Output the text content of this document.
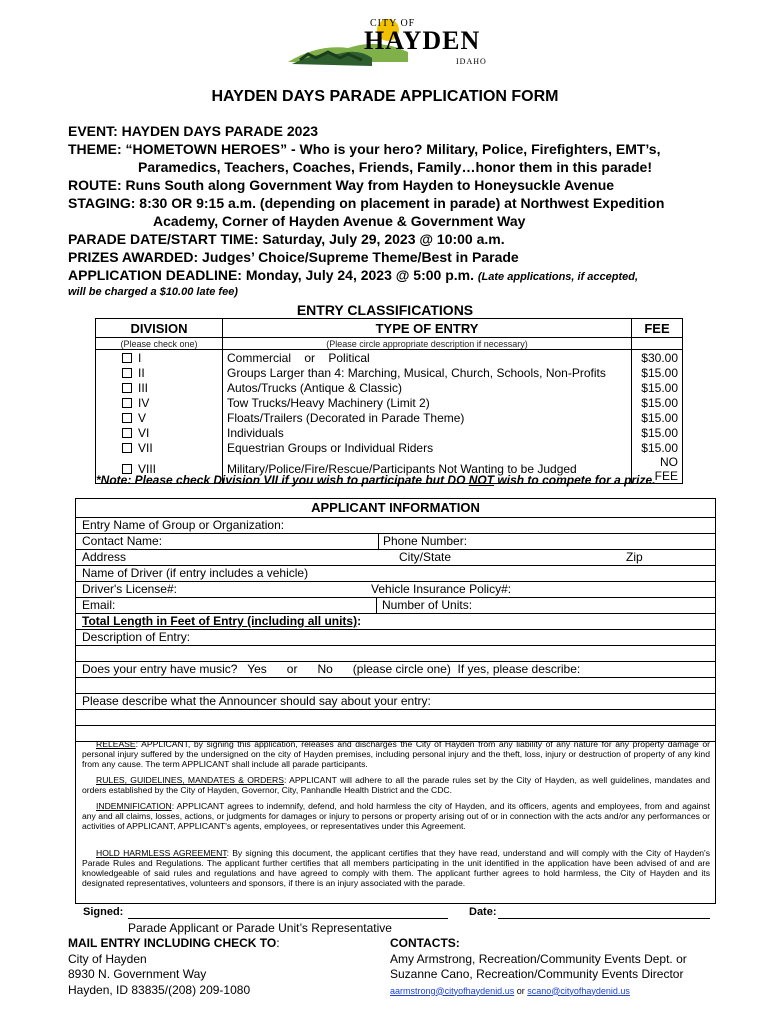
CITY OF
HAYDEN
IDAHO
HAYDEN DAYS PARADE APPLICATION FORM
EVENT: HAYDEN DAYS PARADE 2023
THEME: “HOMETOWN HEROES” - Who is your hero? Military, Police, Firefighters, EMT’s,
Paramedics, Teachers, Coaches, Friends, Family…honor them in this parade!
ROUTE: Runs South along Government Way from Hayden to Honeysuckle Avenue
STAGING: 8:30 OR 9:15 a.m. (depending on placement in parade) at Northwest Expedition
Academy, Corner of Hayden Avenue & Government Way
PARADE DATE/START TIME: Saturday, July 29, 2023 @ 10:00 a.m.
PRIZES AWARDED: Judges’ Choice/Supreme Theme/Best in Parade
APPLICATION DEADLINE: Monday, July 24, 2023 @ 5:00 p.m. (Late applications, if accepted,
will be charged a $10.00 late fee)
ENTRY CLASSIFICATIONS
DIVISION	TYPE OF ENTRY	FEE
(Please check one)	(Please circle appropriate description if necessary)	
I	Commercial    or    Political	$30.00
II	Groups Larger than 4: Marching, Musical, Church, Schools, Non-Profits	$15.00
III	Autos/Trucks (Antique & Classic)	$15.00
IV	Tow Trucks/Heavy Machinery (Limit 2)	$15.00
V	Floats/Trailers (Decorated in Parade Theme)	$15.00
VI	Individuals	$15.00
VII	Equestrian Groups or Individual Riders	$15.00
VIII	Military/Police/Fire/Rescue/Participants Not Wanting to be Judged	NO FEE
*Note: Please check Division VII if you wish to participate but DO NOT wish to compete for a prize.
APPLICANT INFORMATION
Entry Name of Group or Organization:
Contact Name:	Phone Number:
Address	City/State	Zip
Name of Driver (if entry includes a vehicle)
Driver's License#:	Vehicle Insurance Policy#:
Email:	Number of Units:
Total Length in Feet of Entry (including all units):
Description of Entry:
Does your entry have music?   Yes      or      No      (please circle one)  If yes, please describe:
Please describe what the Announcer should say about your entry:
RELEASE: APPLICANT, by signing this application, releases and discharges the City of Hayden from any liability of any nature for any property damage or personal injury suffered by the undersigned on the city of Hayden premises, including personal injury and the theft, loss, injury or destruction of property of any kind from any cause. The term APPLICANT shall include all parade participants.
RULES, GUIDELINES, MANDATES & ORDERS: APPLICANT will adhere to all the parade rules set by the City of Hayden, as well guidelines, mandates and orders established by the City of Hayden, Governor, City, Panhandle Health District and the CDC.
INDEMNIFICATION: APPLICANT agrees to indemnify, defend, and hold harmless the city of Hayden, and its officers, agents and employees, from and against any and all claims, losses, actions, or judgments for damages or injury to persons or property arising out of or in connection with the acts and/or any performances or activities of APPLICANT, APPLICANT's agents, employees, or representatives under this Agreement.
HOLD HARMLESS AGREEMENT: By signing this document, the applicant certifies that they have read, understand and will comply with the City of Hayden's Parade Rules and Regulations. The applicant further certifies that all members participating in the unit identified in the application have been advised of and are knowledgeable of said rules and regulations and have agreed to comply with them. The applicant further agrees to hold harmless, the City of Hayden and its designated representatives, volunteers and sponsors, if there is an injury associated with the parade.
Signed:	Date:
Parade Applicant or Parade Unit’s Representative
MAIL ENTRY INCLUDING CHECK TO:
City of Hayden
8930 N. Government Way
Hayden, ID 83835/(208) 209-1080
CONTACTS:
Amy Armstrong, Recreation/Community Events Dept. or
Suzanne Cano, Recreation/Community Events Director
aarmstrong@cityofhaydenid.us or scano@cityofhaydenid.us
